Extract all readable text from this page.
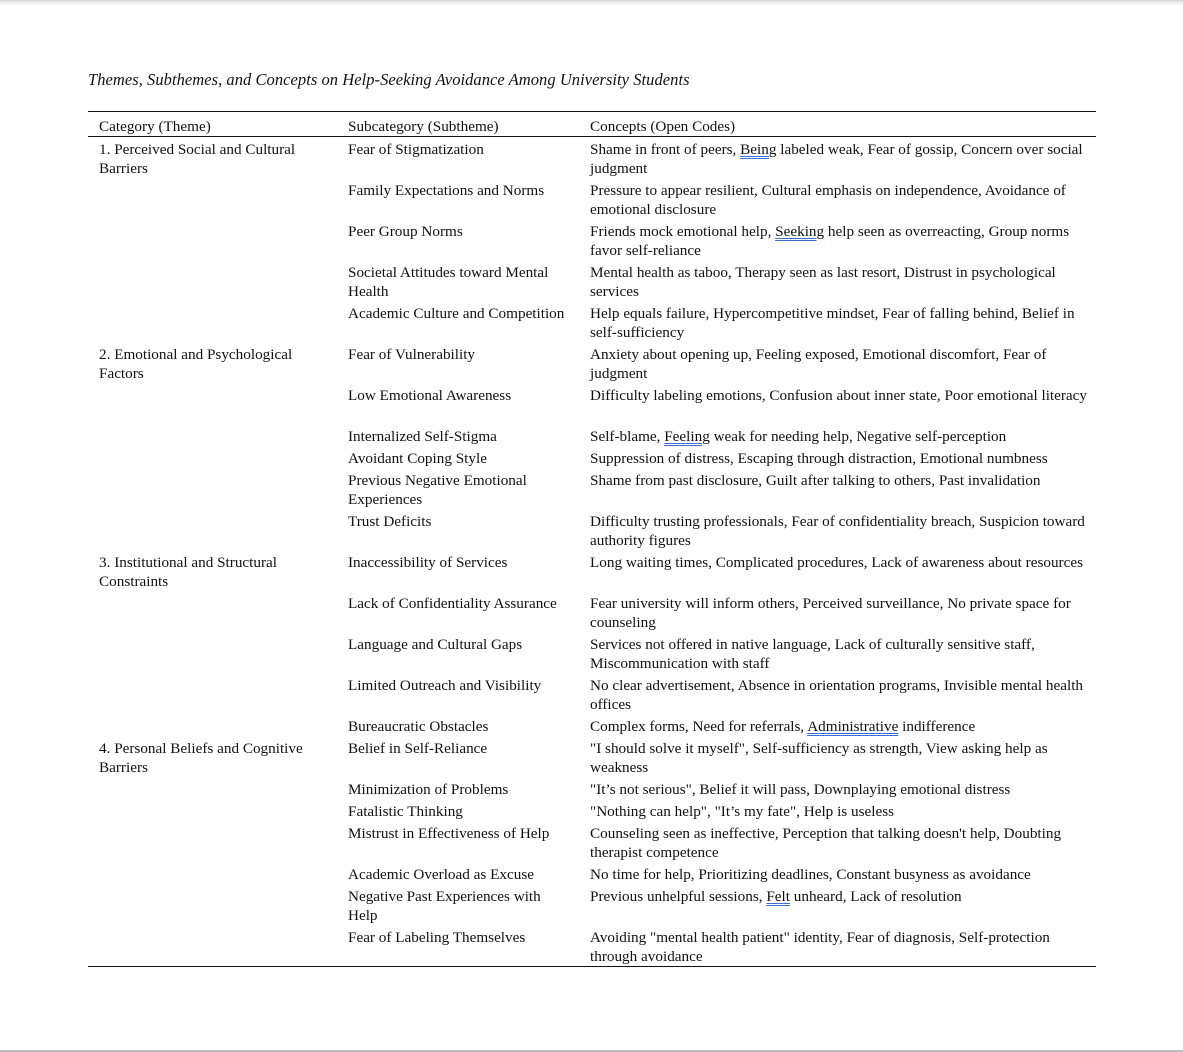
Themes, Subthemes, and Concepts on Help-Seeking Avoidance Among University Students
Category (Theme)	Subcategory (Subtheme)	Concepts (Open Codes)
1. Perceived Social and Cultural Barriers	Fear of Stigmatization	Shame in front of peers, Being labeled weak, Fear of gossip, Concern over social judgment
	Family Expectations and Norms	Pressure to appear resilient, Cultural emphasis on independence, Avoidance of emotional disclosure
	Peer Group Norms	Friends mock emotional help, Seeking help seen as overreacting, Group norms favor self-reliance
	Societal Attitudes toward Mental Health	Mental health as taboo, Therapy seen as last resort, Distrust in psychological services
	Academic Culture and Competition	Help equals failure, Hypercompetitive mindset, Fear of falling behind, Belief in self-sufficiency
2. Emotional and Psychological Factors	Fear of Vulnerability	Anxiety about opening up, Feeling exposed, Emotional discomfort, Fear of judgment
	Low Emotional Awareness	Difficulty labeling emotions, Confusion about inner state, Poor emotional literacy
	Internalized Self-Stigma	Self-blame, Feeling weak for needing help, Negative self-perception
	Avoidant Coping Style	Suppression of distress, Escaping through distraction, Emotional numbness
	Previous Negative Emotional Experiences	Shame from past disclosure, Guilt after talking to others, Past invalidation
	Trust Deficits	Difficulty trusting professionals, Fear of confidentiality breach, Suspicion toward authority figures
3. Institutional and Structural Constraints	Inaccessibility of Services	Long waiting times, Complicated procedures, Lack of awareness about resources
	Lack of Confidentiality Assurance	Fear university will inform others, Perceived surveillance, No private space for counseling
	Language and Cultural Gaps	Services not offered in native language, Lack of culturally sensitive staff, Miscommunication with staff
	Limited Outreach and Visibility	No clear advertisement, Absence in orientation programs, Invisible mental health offices
	Bureaucratic Obstacles	Complex forms, Need for referrals, Administrative indifference
4. Personal Beliefs and Cognitive Barriers	Belief in Self-Reliance	"I should solve it myself", Self-sufficiency as strength, View asking help as weakness
	Minimization of Problems	"It’s not serious", Belief it will pass, Downplaying emotional distress
	Fatalistic Thinking	"Nothing can help", "It’s my fate", Help is useless
	Mistrust in Effectiveness of Help	Counseling seen as ineffective, Perception that talking doesn't help, Doubting therapist competence
	Academic Overload as Excuse	No time for help, Prioritizing deadlines, Constant busyness as avoidance
	Negative Past Experiences with Help	Previous unhelpful sessions, Felt unheard, Lack of resolution
	Fear of Labeling Themselves	Avoiding "mental health patient" identity, Fear of diagnosis, Self-protection through avoidance
